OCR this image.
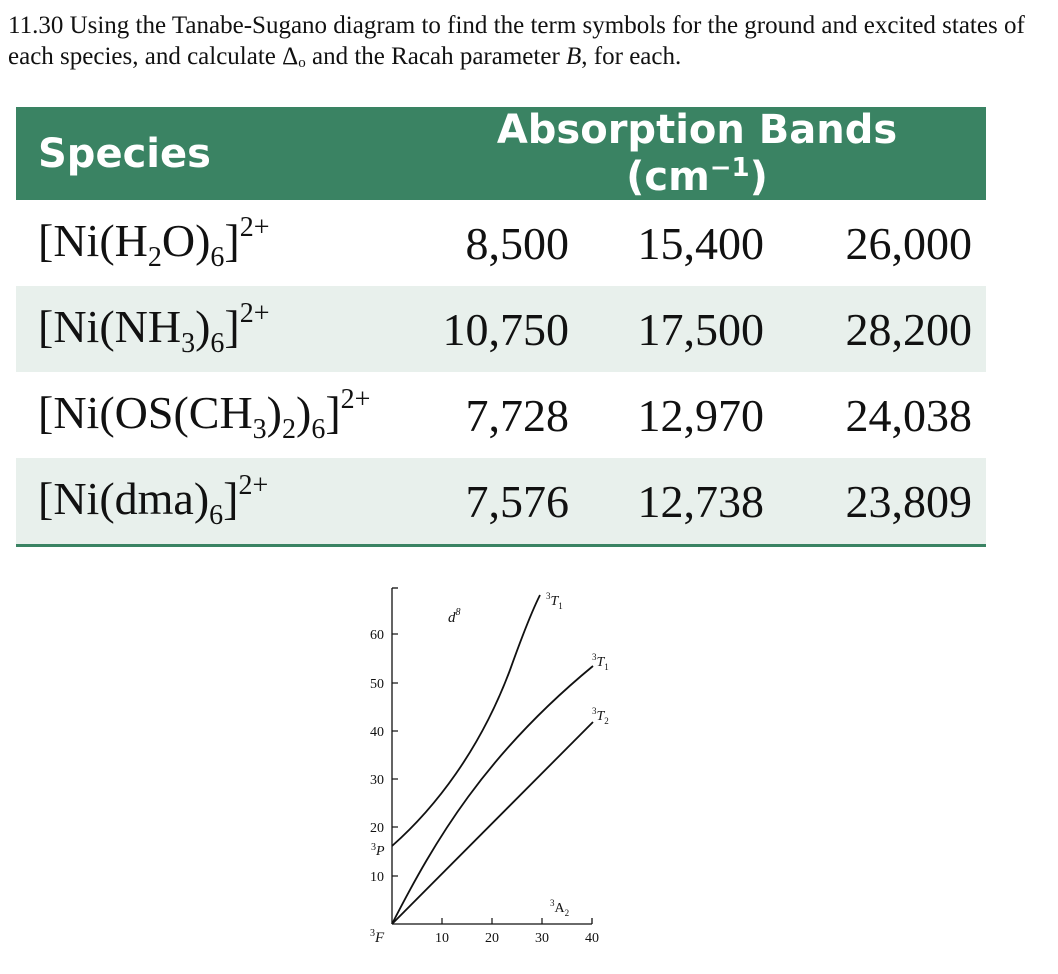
11.30 Using the Tanabe-Sugano diagram to find the term symbols for the ground and excited states of each species, and calculate $\Delta_o$ and the Racah parameter B, for each.
Species	Absorption Bands $(cm^{-1})$		
$[Ni(H_2O)_6]^{2+}$	8,500	15,400	26,000
$[Ni(NH_3)_6]^{2+}$	10,750	17,500	28,200
$[Ni(OS(CH_3)_2)_6]^{2+}$	7,728	12,970	24,038
$[Ni(dma)_6]^{2+}$	7,576	12,738	23,809
60
50
40
30
20
10
10	20	30	40
$^3$F
$^3$P
$d^8$
$^3T_1$
$^3T_1$
$^3T_2$
$^3A_2$
